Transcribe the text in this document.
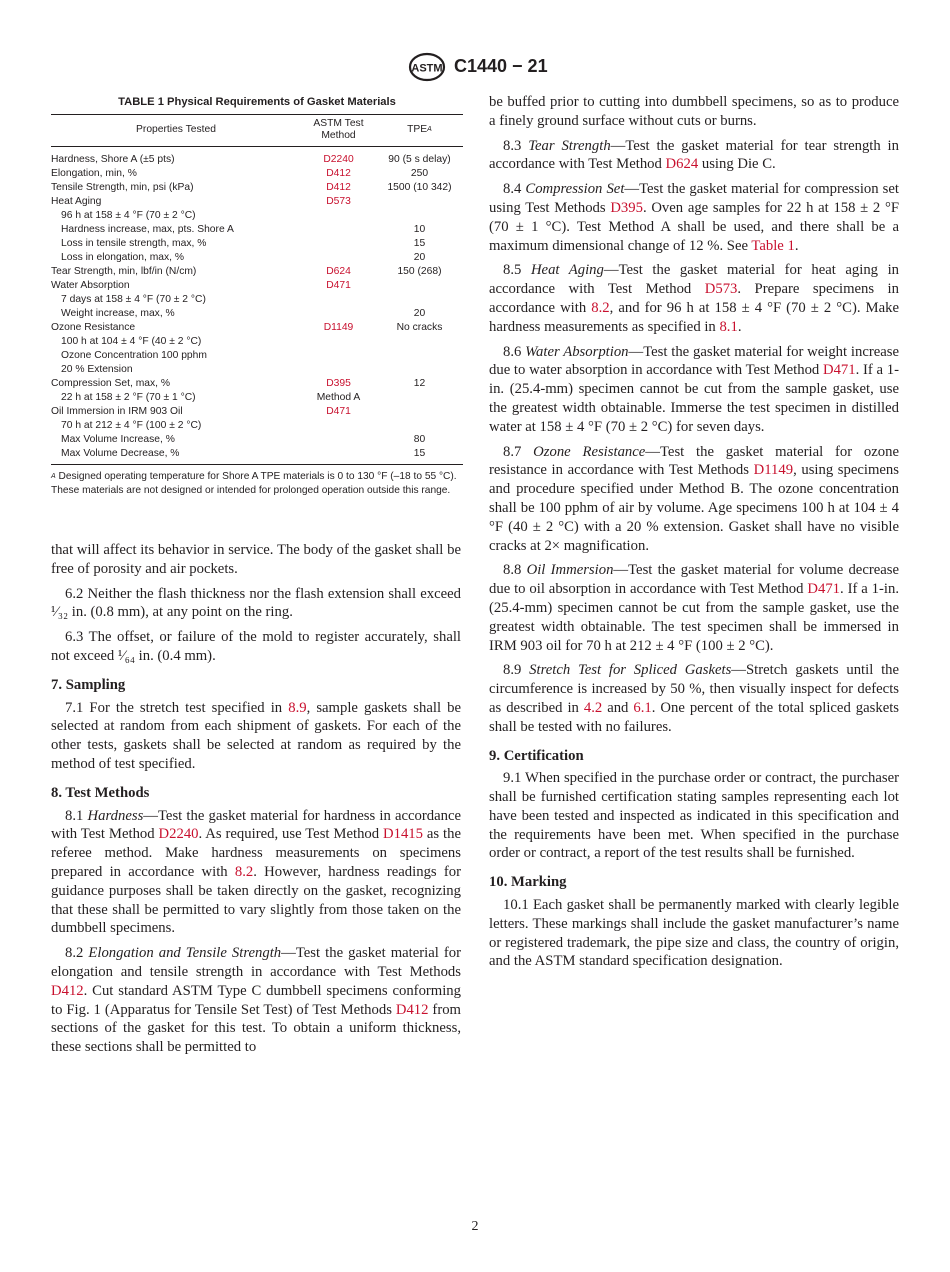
ASTM C1440 − 21
TABLE 1 Physical Requirements of Gasket Materials
Properties Tested	ASTM Test Method	TPE$^A$
Hardness, Shore A (±5 pts)	D2240	90 (5 s delay)
Elongation, min, %	D412	250
Tensile Strength, min, psi (kPa)	D412	1500 (10 342)
Heat Aging	D573	
96 h at 158 ± 4 °F (70 ± 2 °C)		
Hardness increase, max, pts. Shore A		10
Loss in tensile strength, max, %		15
Loss in elongation, max, %		20
Tear Strength, min, lbf/in (N/cm)	D624	150 (268)
Water Absorption	D471	
7 days at 158 ± 4 °F (70 ± 2 °C)		
Weight increase, max, %		20
Ozone Resistance	D1149	No cracks
100 h at 104 ± 4 °F (40 ± 2 °C)		
Ozone Concentration 100 pphm		
20 % Extension		
Compression Set, max, %	D395	12
22 h at 158 ± 2 °F (70 ± 1 °C)	Method A	
Oil Immersion in IRM 903 Oil	D471	
70 h at 212 ± 4 °F (100 ± 2 °C)		
Max Volume Increase, %		80
Max Volume Decrease, %		15
$^A$ Designed operating temperature for Shore A TPE materials is 0 to 130 °F (–18 to 55 °C). These materials are not designed or intended for prolonged operation outside this range.

that will affect its behavior in service. The body of the gasket shall be free of porosity and air pockets.

6.2 Neither the flash thickness nor the flash extension shall exceed ¹⁄₃₂ in. (0.8 mm), at any point on the ring.

6.3 The offset, or failure of the mold to register accurately, shall not exceed ¹⁄₆₄ in. (0.4 mm).

7. Sampling

7.1 For the stretch test specified in 8.9, sample gaskets shall be selected at random from each shipment of gaskets. For each of the other tests, gaskets shall be selected at random as required by the method of test specified.

8. Test Methods

8.1 Hardness—Test the gasket material for hardness in accordance with Test Method D2240. As required, use Test Method D1415 as the referee method. Make hardness measurements on specimens prepared in accordance with 8.2. However, hardness readings for guidance purposes shall be taken directly on the gasket, recognizing that these shall be permitted to vary slightly from those taken on the dumbbell specimens.

8.2 Elongation and Tensile Strength—Test the gasket material for elongation and tensile strength in accordance with Test Methods D412. Cut standard ASTM Type C dumbbell specimens conforming to Fig. 1 (Apparatus for Tensile Set Test) of Test Methods D412 from sections of the gasket for this test. To obtain a uniform thickness, these sections shall be permitted to

be buffed prior to cutting into dumbbell specimens, so as to produce a finely ground surface without cuts or burns.

8.3 Tear Strength—Test the gasket material for tear strength in accordance with Test Method D624 using Die C.

8.4 Compression Set—Test the gasket material for compression set using Test Methods D395. Oven age samples for 22 h at 158 ± 2 °F (70 ± 1 °C). Test Method A shall be used, and there shall be a maximum dimensional change of 12 %. See Table 1.

8.5 Heat Aging—Test the gasket material for heat aging in accordance with Test Method D573. Prepare specimens in accordance with 8.2, and for 96 h at 158 ± 4 °F (70 ± 2 °C). Make hardness measurements as specified in 8.1.

8.6 Water Absorption—Test the gasket material for weight increase due to water absorption in accordance with Test Method D471. If a 1-in. (25.4-mm) specimen cannot be cut from the sample gasket, use the greatest width obtainable. Immerse the test specimen in distilled water at 158 ± 4 °F (70 ± 2 °C) for seven days.

8.7 Ozone Resistance—Test the gasket material for ozone resistance in accordance with Test Methods D1149, using specimens and procedure specified under Method B. The ozone concentration shall be 100 pphm of air by volume. Age specimens 100 h at 104 ± 4 °F (40 ± 2 °C) with a 20 % extension. Gasket shall have no visible cracks at 2× magnification.

8.8 Oil Immersion—Test the gasket material for volume decrease due to oil absorption in accordance with Test Method D471. If a 1-in. (25.4-mm) specimen cannot be cut from the sample gasket, use the greatest width obtainable. The test specimen shall be immersed in IRM 903 oil for 70 h at 212 ± 4 °F (100 ± 2 °C).

8.9 Stretch Test for Spliced Gaskets—Stretch gaskets until the circumference is increased by 50 %, then visually inspect for defects as described in 4.2 and 6.1. One percent of the total spliced gaskets shall be tested with no failures.

9. Certification

9.1 When specified in the purchase order or contract, the purchaser shall be furnished certification stating samples representing each lot have been tested and inspected as indicated in this specification and the requirements have been met. When specified in the purchase order or contract, a report of the test results shall be furnished.

10. Marking

10.1 Each gasket shall be permanently marked with clearly legible letters. These markings shall include the gasket manufacturer’s name or registered trademark, the pipe size and class, the country of origin, and the ASTM standard specification designation.

2
